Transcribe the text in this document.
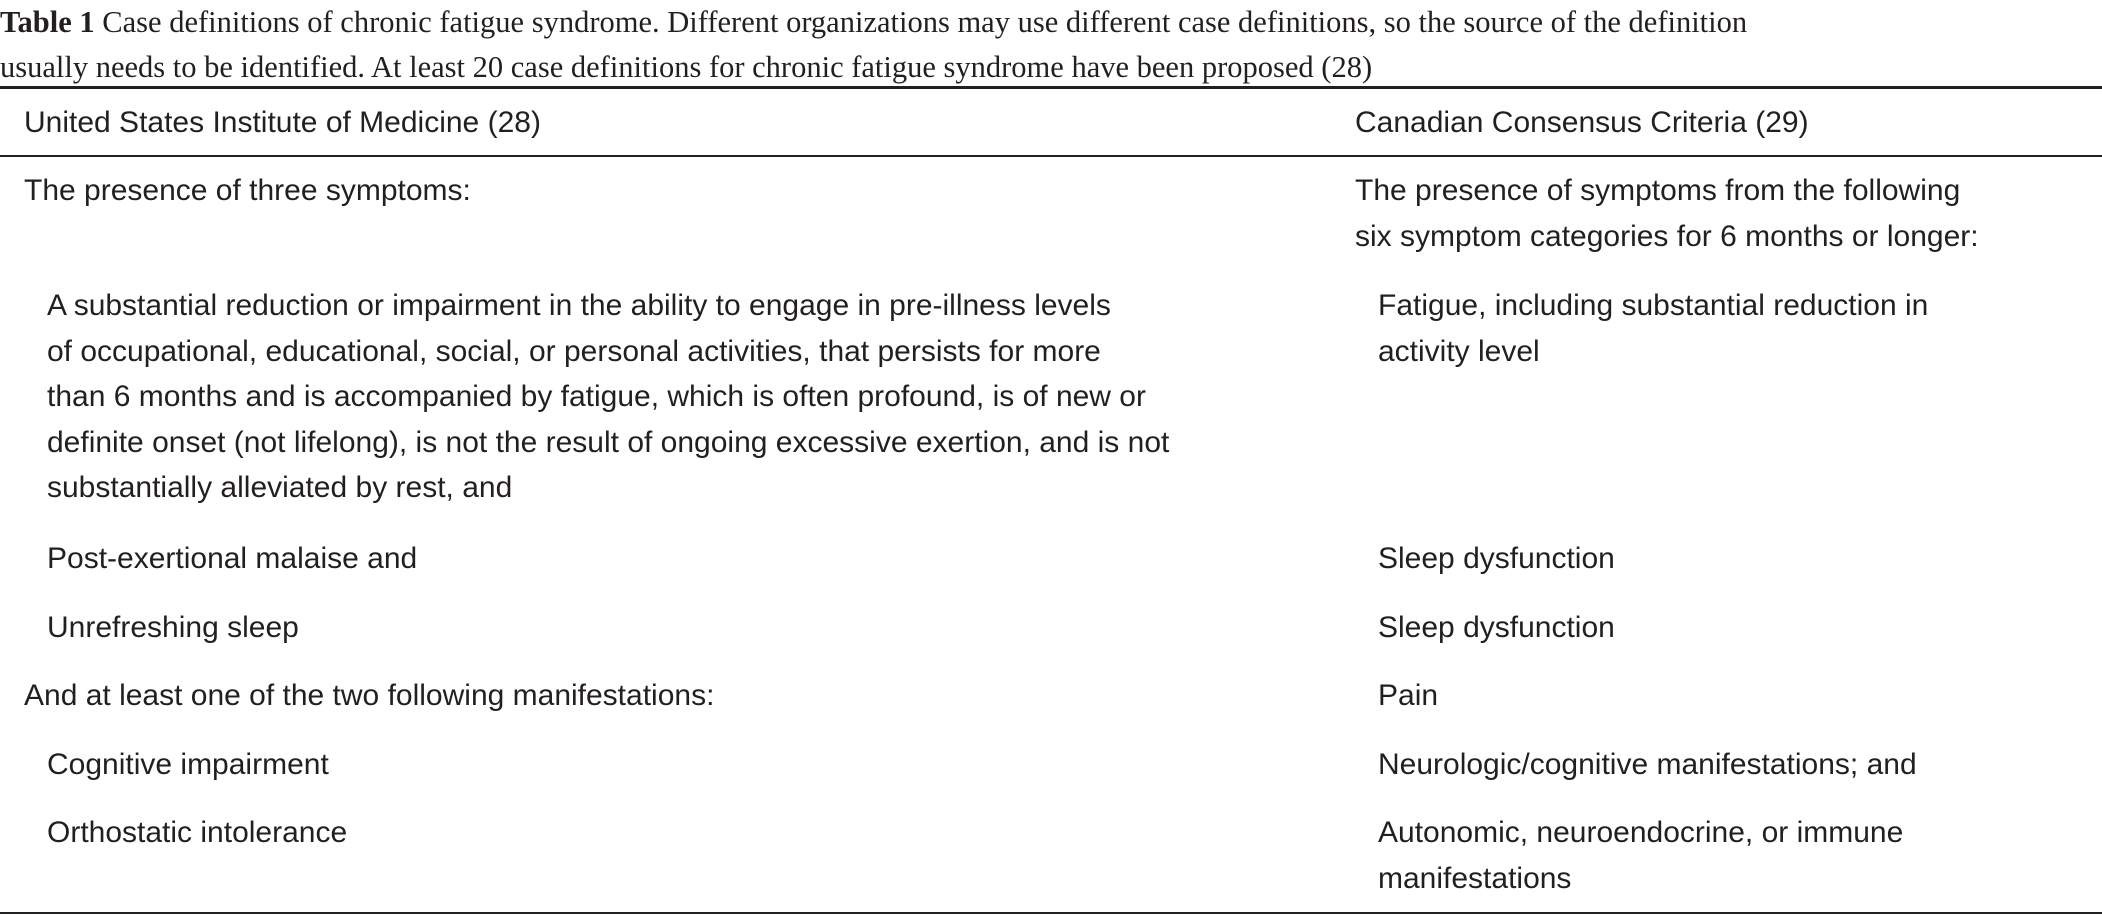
Table 1 Case definitions of chronic fatigue syndrome. Different organizations may use different case definitions, so the source of the definition
usually needs to be identified. At least 20 case definitions for chronic fatigue syndrome have been proposed (28)
United States Institute of Medicine (28)	Canadian Consensus Criteria (29)
The presence of three symptoms:
A substantial reduction or impairment in the ability to engage in pre-illness levels
of occupational, educational, social, or personal activities, that persists for more
than 6 months and is accompanied by fatigue, which is often profound, is of new or
definite onset (not lifelong), is not the result of ongoing excessive exertion, and is not
substantially alleviated by rest, and
Post-exertional malaise and
Unrefreshing sleep
And at least one of the two following manifestations:
Cognitive impairment
Orthostatic intolerance
The presence of symptoms from the following
six symptom categories for 6 months or longer:
Fatigue, including substantial reduction in
activity level
Sleep dysfunction
Sleep dysfunction
Pain
Neurologic/cognitive manifestations; and
Autonomic, neuroendocrine, or immune
manifestations
